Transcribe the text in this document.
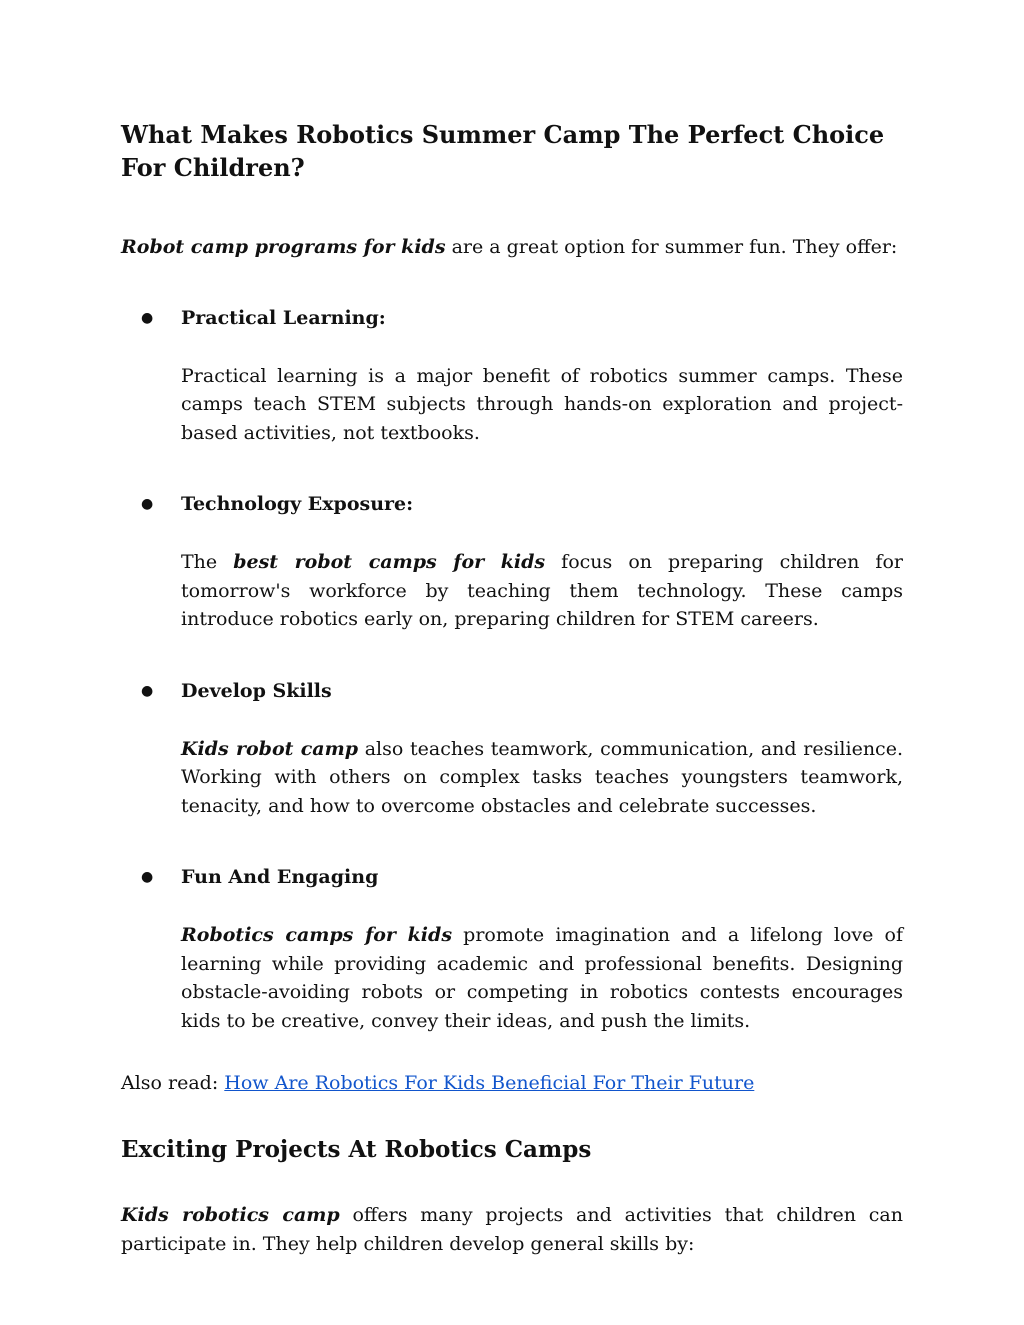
What Makes Robotics Summer Camp The Perfect Choice For Children?

Robot camp programs for kids are a great option for summer fun. They offer:

● Practical Learning:

Practical learning is a major benefit of robotics summer camps. These camps teach STEM subjects through hands-on exploration and project-based activities, not textbooks.

● Technology Exposure:

The best robot camps for kids focus on preparing children for tomorrow's workforce by teaching them technology. These camps introduce robotics early on, preparing children for STEM careers.

● Develop Skills

Kids robot camp also teaches teamwork, communication, and resilience. Working with others on complex tasks teaches youngsters teamwork, tenacity, and how to overcome obstacles and celebrate successes.

● Fun And Engaging

Robotics camps for kids promote imagination and a lifelong love of learning while providing academic and professional benefits. Designing obstacle-avoiding robots or competing in robotics contests encourages kids to be creative, convey their ideas, and push the limits.

Also read: How Are Robotics For Kids Beneficial For Their Future

Exciting Projects At Robotics Camps

Kids robotics camp offers many projects and activities that children can participate in. They help children develop general skills by:
